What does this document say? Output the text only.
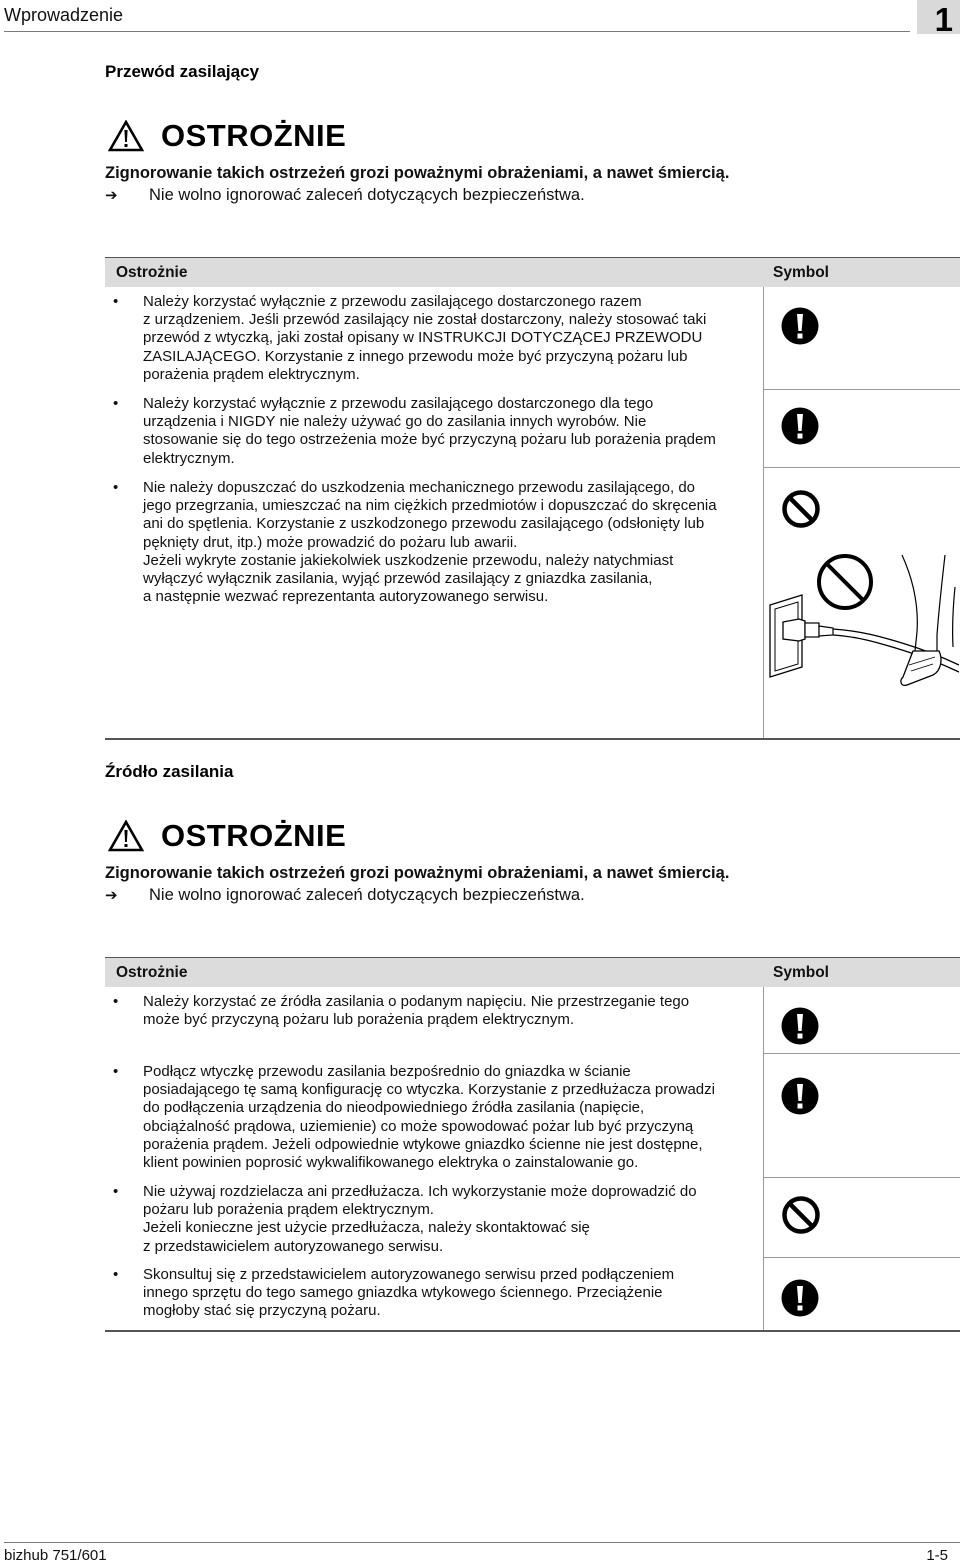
Wprowadzenie	1
Przewód zasilający
OSTROŻNIE
Zignorowanie takich ostrzeżeń grozi poważnymi obrażeniami, a nawet śmiercią.
➔ Nie wolno ignorować zaleceń dotyczących bezpieczeństwa.
Ostrożnie	Symbol
• Należy korzystać wyłącznie z przewodu zasilającego dostarczonego razem

z urządzeniem. Jeśli przewód zasilający nie został dostarczony, należy stosować taki

przewód z wtyczką, jaki został opisany w INSTRUKCJI DOTYCZĄCEJ PRZEWODU

ZASILAJĄCEGO. Korzystanie z innego przewodu może być przyczyną pożaru lub

porażenia prądem elektrycznym.

• Należy korzystać wyłącznie z przewodu zasilającego dostarczonego dla tego

urządzenia i NIGDY nie należy używać go do zasilania innych wyrobów. Nie

stosowanie się do tego ostrzeżenia może być przyczyną pożaru lub porażenia prądem

elektrycznym.

• Nie należy dopuszczać do uszkodzenia mechanicznego przewodu zasilającego, do

jego przegrzania, umieszczać na nim ciężkich przedmiotów i dopuszczać do skręcenia

ani do spętlenia. Korzystanie z uszkodzonego przewodu zasilającego (odsłonięty lub

pęknięty drut, itp.) może prowadzić do pożaru lub awarii.

Jeżeli wykryte zostanie jakiekolwiek uszkodzenie przewodu, należy natychmiast

wyłączyć wyłącznik zasilania, wyjąć przewód zasilający z gniazdka zasilania,

a następnie wezwać reprezentanta autoryzowanego serwisu.

Źródło zasilania
OSTROŻNIE
Zignorowanie takich ostrzeżeń grozi poważnymi obrażeniami, a nawet śmiercią.
➔ Nie wolno ignorować zaleceń dotyczących bezpieczeństwa.
Ostrożnie	Symbol
• Należy korzystać ze źródła zasilania o podanym napięciu. Nie przestrzeganie tego

może być przyczyną pożaru lub porażenia prądem elektrycznym.

• Podłącz wtyczkę przewodu zasilania bezpośrednio do gniazdka w ścianie

posiadającego tę samą konfigurację co wtyczka. Korzystanie z przedłużacza prowadzi

do podłączenia urządzenia do nieodpowiedniego źródła zasilania (napięcie,

obciążalność prądowa, uziemienie) co może spowodować pożar lub być przyczyną

porażenia prądem. Jeżeli odpowiednie wtykowe gniazdko ścienne nie jest dostępne,

klient powinien poprosić wykwalifikowanego elektryka o zainstalowanie go.

• Nie używaj rozdzielacza ani przedłużacza. Ich wykorzystanie może doprowadzić do

pożaru lub porażenia prądem elektrycznym.

Jeżeli konieczne jest użycie przedłużacza, należy skontaktować się

z przedstawicielem autoryzowanego serwisu.

• Skonsultuj się z przedstawicielem autoryzowanego serwisu przed podłączeniem

innego sprzętu do tego samego gniazdka wtykowego ściennego. Przeciążenie

mogłoby stać się przyczyną pożaru.

bizhub 751/601	1-5
